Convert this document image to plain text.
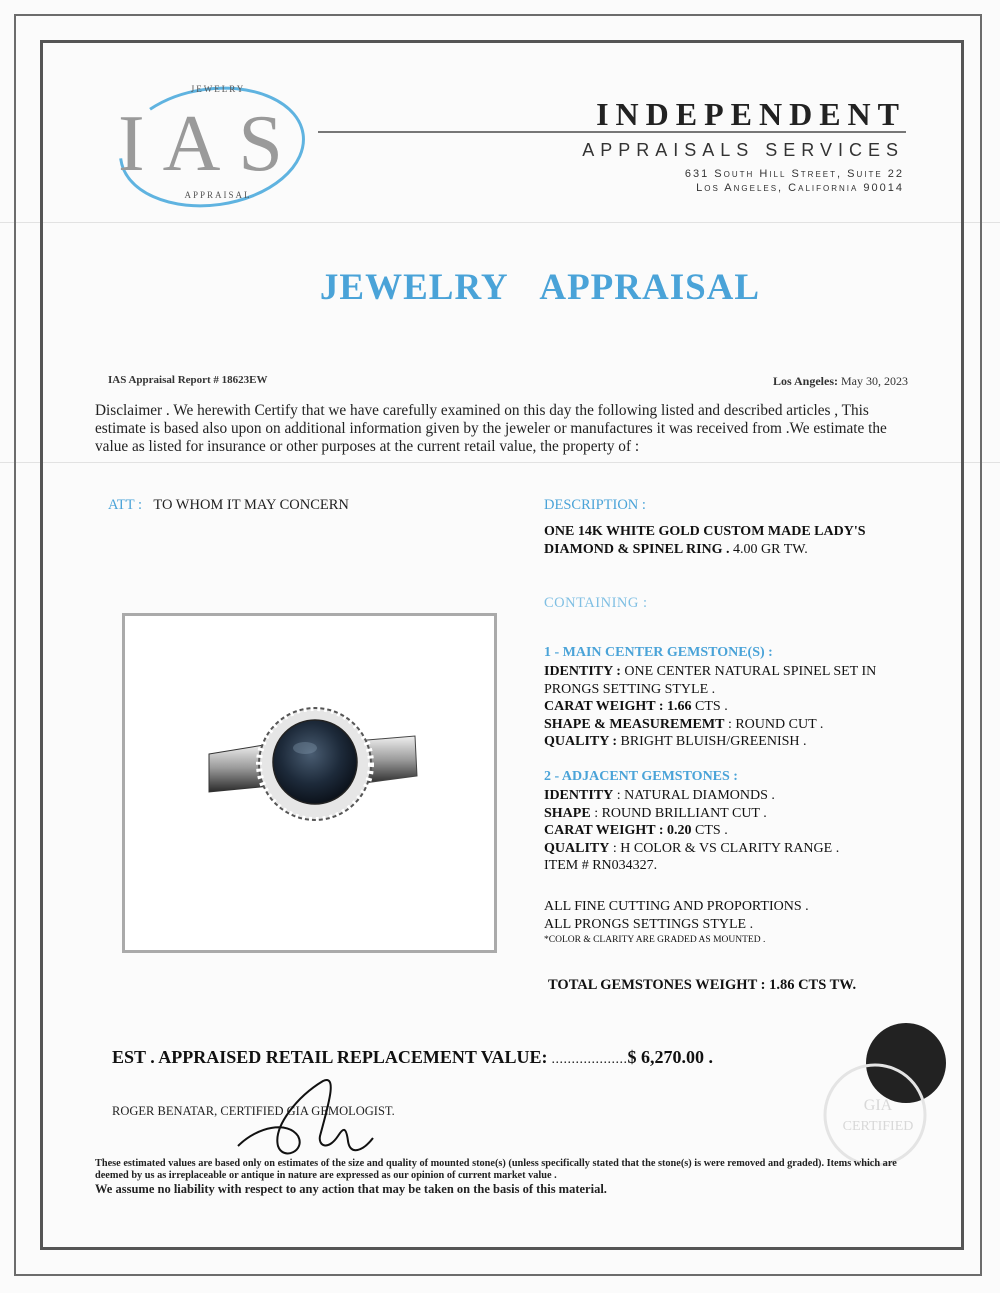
IAS
JEWELRY
APPRAISAL
INDEPENDENT
APPRAISALS SERVICES
631 South Hill Street, Suite 22
Los Angeles, California 90014
JEWELRY APPRAISAL
IAS Appraisal Report # 18623EW	Los Angeles: May 30, 2023
Disclaimer . We herewith Certify that we have carefully examined on this day the following listed and described articles , This estimate is based also upon on additional information given by the jeweler or manufactures it was received from .We estimate the value as listed for insurance or other purposes at the current retail value, the property of :
ATT : TO WHOM IT MAY CONCERN	DESCRIPTION :
ONE 14K WHITE GOLD CUSTOM MADE LADY'S
DIAMOND & SPINEL RING . 4.00 GR TW.
CONTAINING :
1 - MAIN CENTER GEMSTONE(S) :
IDENTITY : ONE CENTER NATURAL SPINEL SET IN
PRONGS SETTING STYLE .
CARAT WEIGHT : 1.66 CTS .
SHAPE & MEASUREMEMT : ROUND CUT .
QUALITY : BRIGHT BLUISH/GREENISH .
2 - ADJACENT GEMSTONES :
IDENTITY : NATURAL DIAMONDS .
SHAPE : ROUND BRILLIANT CUT .
CARAT WEIGHT : 0.20 CTS .
QUALITY : H COLOR & VS CLARITY RANGE .
ITEM # RN034327.
ALL FINE CUTTING AND PROPORTIONS .
ALL PRONGS SETTINGS STYLE .
*COLOR & CLARITY ARE GRADED AS MOUNTED .
TOTAL GEMSTONES WEIGHT : 1.86 CTS TW.
GIA
CERTIFIED
EST . APPRAISED RETAIL REPLACEMENT VALUE: ...................$ 6,270.00 .
ROGER BENATAR, CERTIFIED GIA GEMOLOGIST.
These estimated values are based only on estimates of the size and quality of mounted stone(s) (unless specifically stated that the stone(s) is were removed and graded). Items which are deemed by us as irreplaceable or antique in nature are expressed as our opinion of current market value .
We assume no liability with respect to any action that may be taken on the basis of this material.
